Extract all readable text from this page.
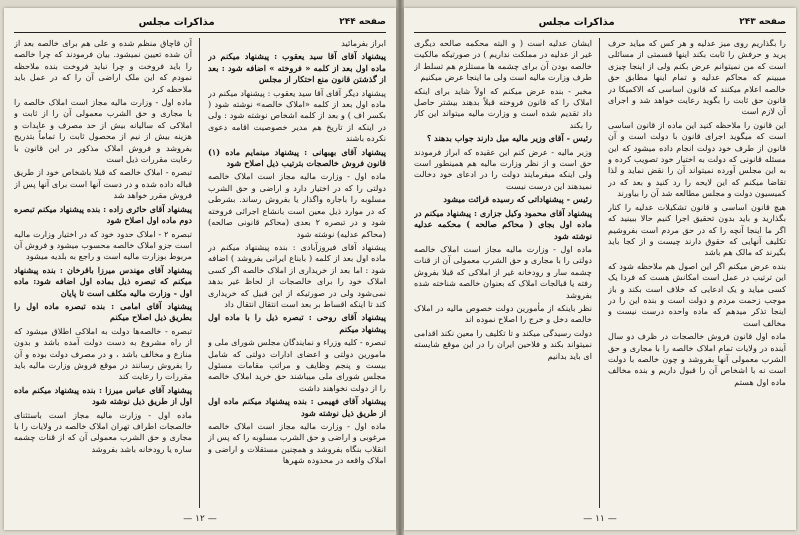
صفحه ۲۴۴
مذاکرات مجلس

ابراز بفرمائید

پیشنهاد آقای آقا سید یعقوب : پیشنهاد میکنم در ماده اول بعد از کلمه « فروخته » اضافه شود : بعد از گذشتن قانون منع احتکار از مجلس

پیشنهاد دیگر آقای آقا سید یعقوب : پیشنهاد میکنم در ماده اول بعد از کلمه «املاک خالصه» نوشته شود ( بکسر اف ) و بعد از کلمه اشخاص نوشته شود : ولی در اینکه از تاریخ هم مدیر خصوصیت اقامه دعوی نکرده باشند

پیشنهاد آقای بهبهانی : پیشنهاد مینمایم ماده (۱) قانون فروش خالصجات بترتیب ذیل اصلاح شود

ماده اول - وزارت مالیه مجاز است املاک خالصه دولتی را که در اختیار دارد و اراضی و حق الشرب مسلوبه را باجاره واگذار یا بفروش رساند. بشرطی که در موارد ذیل معین است بانشاع اجرائی فروخته شود و در تبصره ۲ بعدی (محاکم قانونی صالحه) (محاکم عدلیه) نوشته شود

پیشنهاد آقای فیروزآبادی : بنده پیشنهاد میکنم در ماده اول بعد از کلمه ( بابناع ایرانی بفروشد ) اضافه شود : اما بعد از خریداری از املاک خالصه اگر کسی املاک خود را برای خالصجات از لحاظ غیر بدهد نمی‌شود ولی در صورتیکه از این قبیل که خریداری کند تا اینکه اقساط بر بعد است انتقال انتقال داد

پیشنهاد آقای روحی : تبصره ذیل را با ماده اول پیشنهاد میکنم

تبصره - کلیه وزراء و نمایندگان مجلس شورای ملی و مامورین دولتی و اعضای ادارات دولتی که شامل بیست و پنجم وظایف و مراتب مقامات مسئول مجلس شورای ملی میباشند حق خرید املاک خالصه را از دولت نخواهند داشت

پیشنهاد آقای فهیمی : بنده پیشنهاد میکنم ماده اول از طریق ذیل نوشته شود

ماده اول - وزارت مالیه مجاز است املاک خالصه مرغوبی و اراضی و حق الشرب مسلوبه را که پس از انقلاب بنگاه بفروشد و همچنین مستقلات و اراضی و املاک واقعه در محدوده شهرها

آن قاچاق منظم شده و علی هم برای خالصه بعد از آن شده تعیین نمیشود. بیان فرمودند که چرا خالصه را باید فروخت و چرا نباید فروخت بنده ملاحظه نمودم که این ملک اراضی آن را که در عمل باید ملاحظه کرد

ماده اول - وزارت مالیه مجاز است املاک خالصه را با مجاری و حق الشرب معمولی آن را از ثابت و املاکی که سالیانه بیش از حد مصرف و عایدات و هزینه بیش از نیم از محصول ثابت را تماماً بتدریج بفروشد و فروش املاک مذکور در این قانون با رعایت مقررات ذیل است

تبصره - املاک خالصه که قبلا باشخاص خود از طریق قباله داده شده و در دست آنها است برای آنها پس از فروش مقرر خواهد شد

پیشنهاد آقای حائری زاده : بنده پیشنهاد میکنم تبصره دوم ماده اول اصلاح شود

تبصره ۲ - املاک حدود خود که در اختیار وزارت مالیه است جزو املاک خالصه محسوب میشود و فروش آن مربوط بوزارت مالیه است و راجع به بلدیه میشود

پیشنهاد آقای مهندس میرزا باقرخان : بنده پیشنهاد میکنم که تبصره ذیل بماده اول اضافه شود: ماده اول - وزارت مالیه مکلف است تا پایان

پیشنهاد آقای امامی : بنده تبصره ماده اول را بطریق ذیل اصلاح میکنم

تبصره - خالصه‌ها دولت به املاکی اطلاق میشود که از راه مشروع به دست دولت آمده باشد و بدون منازع و مخالف باشد ، و در مصرف دولت بوده و آن را بفروش رسانند در موقع فروش وزارت مالیه باید مقررات را رعایت کند

پیشنهاد آقای عباس میرزا : بنده پیشنهاد میکنم ماده اول از طریق ذیل نوشته شود

ماده اول - وزارت مالیه مجاز است باستثنای خالصجات اطراف تهران املاک خالصه در ولایات را با مجاری و حق الشرب معمولی آن که از قنات چشمه ساره یا رودخانه باشد بفروشد

— ۱۲ —
صفحه ۲۴۳
مذاکرات مجلس

را بگذاریم روی میز عدلیه و هر کس که میاید حرف پرید و حرفش را ثابت بکند اینها قسمتی از مسائلی است که من نمیتوانم عرض بکنم ولی از اینجا چیزی میبینم که محاکم عدلیه و تمام اینها مطابق حق خالصه اعلام میکنند که قانون اساسی که الاکمیکا در قانون حق ثابت را بگوید رعایت خواهد شد و اجرای آن لازم است

این قانون را ملاحظه کنید این ماده از قانون اساسی است که میگوید اجرای قانون با دولت است و آن قانون از طرف خود دولت انجام داده میشود که این مسئله قانونی که دولت به اختیار خود تصویب کرده و به این مجلس آورده نمیتواند آن را نقض نماید و لذا تقاضا میکنم که این لایحه را رد کنید و بعد که در کمیسیون دولت و مجلس مطالعه شد آن را بیاورند

هیچ قانون اساسی و قانون تشکیلات عدلیه را کنار بگذارید و باید بدون تحقیق اجرا کنیم حالا ببینید که اگر ما اینجا آنچه را که در حق مردم است بفروشیم تکلیف آنهایی که حقوق دارند چیست و از کجا باید بگیرند که مالک هم باشد

بنده عرض میکنم اگر این اصول هم ملاحظه شود که این ترتیب در عمل است امکانش هست که فردا یک کسی میاید و یک ادعایی که خلاف است بکند و باز موجب زحمت مردم و دولت است و بنده این را در اینجا تذکر میدهم که ماده واحده درست نیست و مخالف است

ماده اول قانون فروش خالصجات در ظرف دو سال آینده در ولایات تمام املاک خالصه را با مجاری و حق الشرب معمولی آنها بفروشد و چون خالصه با دولت است نه با اشخاص آن را قبول داریم و بنده مخالف ماده اول هستم

ایشان عدلیه است ( و البته محکمه صالحه دیگری غیر از عدلیه در مملکت نداریم ) در صورتیکه مالکیت خالصه بودن آن برای چشمه ها مستلزم هم تسلط از طرف وزارت مالیه است ولی ما اینجا عرض میکنیم

مخبر - بنده عرض میکنم که اولاً شاید برای اینکه املاک را که قانون فروخته قبلاً بدهند بیشتر حاصل داد تقدیم شده است و وزارت مالیه میتواند این کار را بکند

رئیس - آقای وزیر مالیه میل دارند جواب بدهند ؟

وزیر مالیه - عرض کنم این عقیده که ابراز فرمودند حق است و از نظر وزارت مالیه هم همینطور است ولی اینکه میفرمایند دولت را در ادعای خود دخالت نمیدهند این درست نیست

رئیس - پیشنهاداتی که رسیده قرائت میشود

پیشنهاد آقای محمود وکیل جزاری : پیشنهاد میکنم در ماده اول بجای ( محاکم صالحه ) محکمه عدلیه نوشته شود

ماده اول - وزارت مالیه مجاز است املاک خالصه دولتی را با مجاری و حق الشرب معمولی آن از قنات چشمه سار و رودخانه غیر از املاکی که قبلا بفروش رفته یا قبالجات املاک که بعنوان خالصه شناخته شده بفروشد

نظر باینکه از مأمورین دولت خصوص مالیه در املاک خالصه دخل و خرج را اصلاح نموده اند

دولت رسیدگی میکند و تا تکلیف را معین نکند اقدامی نمیتواند بکند و فلاحین ایران را در این موقع شایسته ای باید بدانیم

— ۱۱ —
